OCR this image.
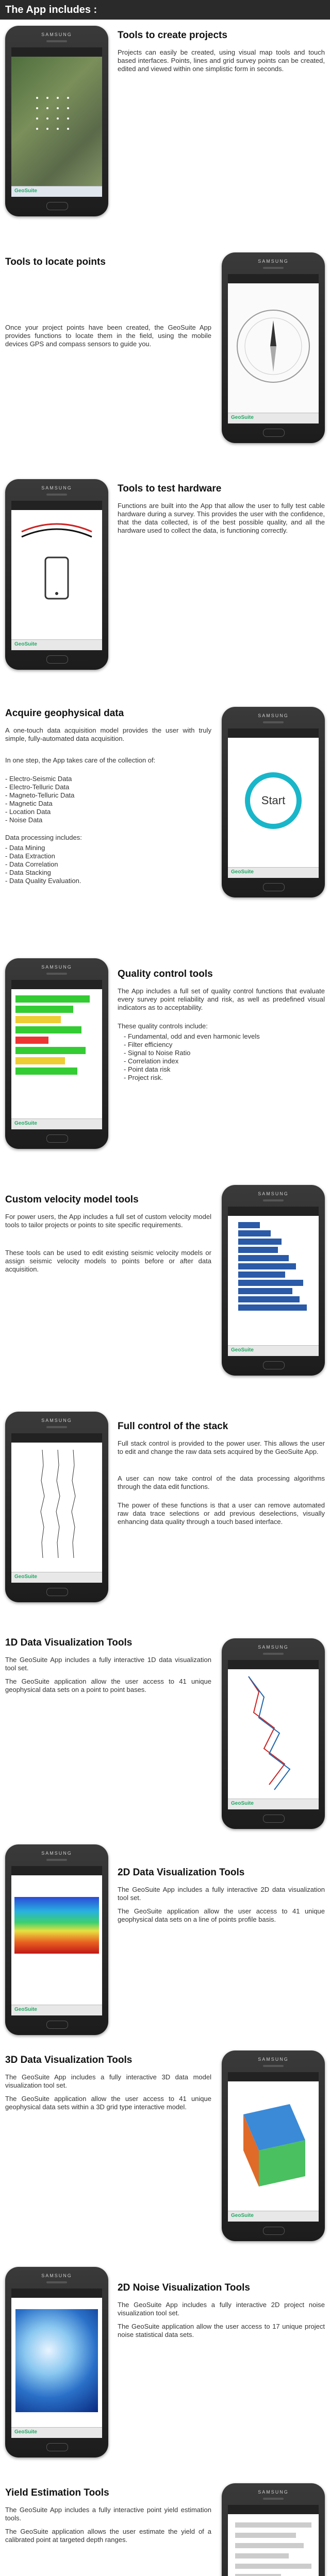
The App includes :
SAMSUNG
GeoSuite
Tools to create projects

Projects can easily be created, using visual map tools and touch based interfaces. Points, lines and grid survey points can be created, edited and viewed within one simplistic form in seconds.

Tools to locate points

Once your project points have been created, the GeoSuite App provides functions to locate them in the field, using the mobile devices GPS and compass sensors to guide you.

SAMSUNG
GeoSuite
SAMSUNG
GeoSuite
Tools to test hardware

Functions are built into the App that allow the user to fully test cable hardware during a survey. This provides the user with the confidence, that the data collected, is of the best possible quality, and all the hardware used to collect the data, is functioning correctly.

Acquire geophysical data

A one-touch data acquisition model provides the user with truly simple, fully-automated data acquisition.

In one step, the App takes care of the collection of:

- Electro-Seismic Data
- Electro-Telluric Data
- Magneto-Telluric Data
- Magnetic Data
- Location Data
- Noise Data

Data processing includes:

- Data Mining
- Data Extraction
- Data Correlation
- Data Stacking
- Data Quality Evaluation.
SAMSUNG
Start
GeoSuite
SAMSUNG
GeoSuite
Quality control tools

The App includes a full set of quality control functions that evaluate every survey point reliability and risk, as well as predefined visual indicators as to acceptability.

These quality controls include:

- Fundamental, odd and even harmonic levels
- Filter efficiency
- Signal to Noise Ratio
- Correlation index
- Point data risk
- Project risk.
Custom velocity model tools

For power users, the App includes a full set of custom velocity model tools to tailor projects or points to site specific requirements.

These tools can be used to edit existing seismic velocity models or assign seismic velocity models to points before or after data acquisition.

SAMSUNG
GeoSuite
SAMSUNG
GeoSuite
Full control of the stack

Full stack control is provided to the power user. This allows the user to edit and change the raw data sets acquired by the GeoSuite App.

A user can now take control of the data processing algorithms through the data edit functions.

The power of these functions is that a user can remove automated raw data trace selections or add previous deselections, visually enhancing data quality through a touch based interface.

1D Data Visualization Tools

The GeoSuite App includes a fully interactive 1D data visualization tool set.

The GeoSuite application allow the user access to 41 unique geophysical data sets on a point to point bases.

SAMSUNG
GeoSuite
SAMSUNG
GeoSuite
2D Data Visualization Tools

The GeoSuite App includes a fully interactive 2D data visualization tool set.

The GeoSuite application allow the user access to 41 unique geophysical data sets on a line of points profile basis.

3D Data Visualization Tools

The GeoSuite App includes a fully interactive 3D data model visualization tool set.

The GeoSuite application allow the user access to 41 unique geophysical data sets within a 3D grid type interactive model.

SAMSUNG
GeoSuite
SAMSUNG
GeoSuite
2D Noise Visualization Tools

The GeoSuite App includes a fully interactive 2D project noise visualization tool set.

The GeoSuite application allow the user access to 17 unique project noise statistical data sets.

Yield Estimation Tools

The GeoSuite App includes a fully interactive point yield estimation tools.

The GeoSuite application allows the user estimate the yield of a calibrated point at targeted depth ranges.

SAMSUNG
